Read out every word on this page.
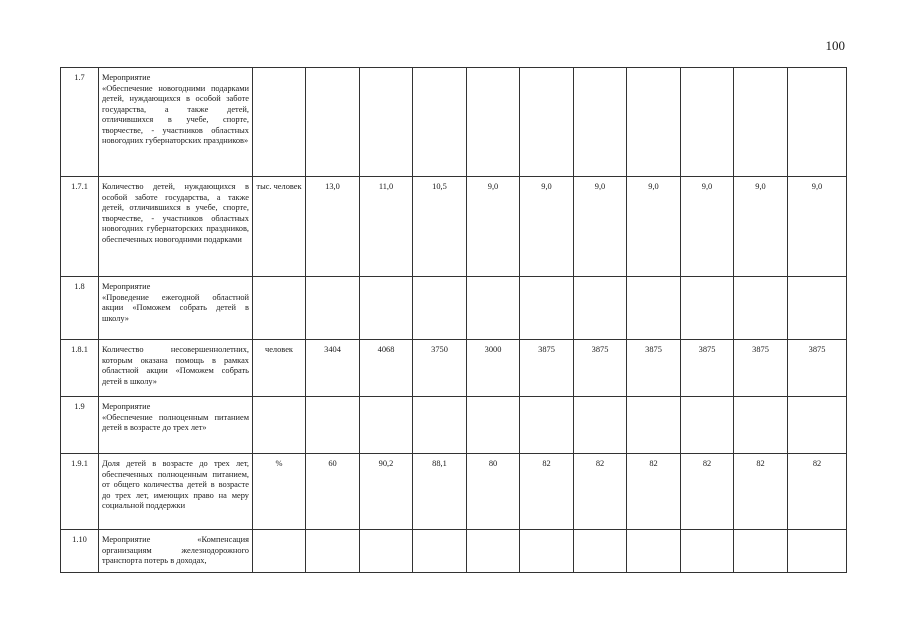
100
1.7	Мероприятие
«Обеспечение новогодними подарками детей, нуждающихся в особой заботе государства, а также детей, отличившихся в учебе, спорте, творчестве, - участников областных новогодних губернаторских праздников»											

1.7.1	Количество детей, нуждающихся в особой заботе государства, а также детей, отличившихся в учебе, спорте, творчестве, - участников областных новогодних губернаторских праздников, обеспеченных новогодними подарками	тыс. человек	13,0	11,0	10,5	9,0	9,0	9,0	9,0	9,0	9,0	9,0
1.8	Мероприятие
«Проведение ежегодной областной акции «Поможем собрать детей в школу»											

1.8.1	Количество несовершеннолетних, которым оказана помощь в рамках областной акции «Поможем собрать детей в школу»	человек	3404	4068	3750	3000	3875	3875	3875	3875	3875	3875
1.9	Мероприятие
«Обеспечение полноценным питанием детей в возрасте до трех лет»											

1.9.1	Доля детей в возрасте до трех лет, обеспеченных полноценным питанием, от общего количества детей в возрасте до трех лет, имеющих право на меру социальной поддержки	%	60	90,2	88,1	80	82	82	82	82	82	82
1.10	Мероприятие «Компенсация организациям железнодорожного транспорта потерь в доходах,											
